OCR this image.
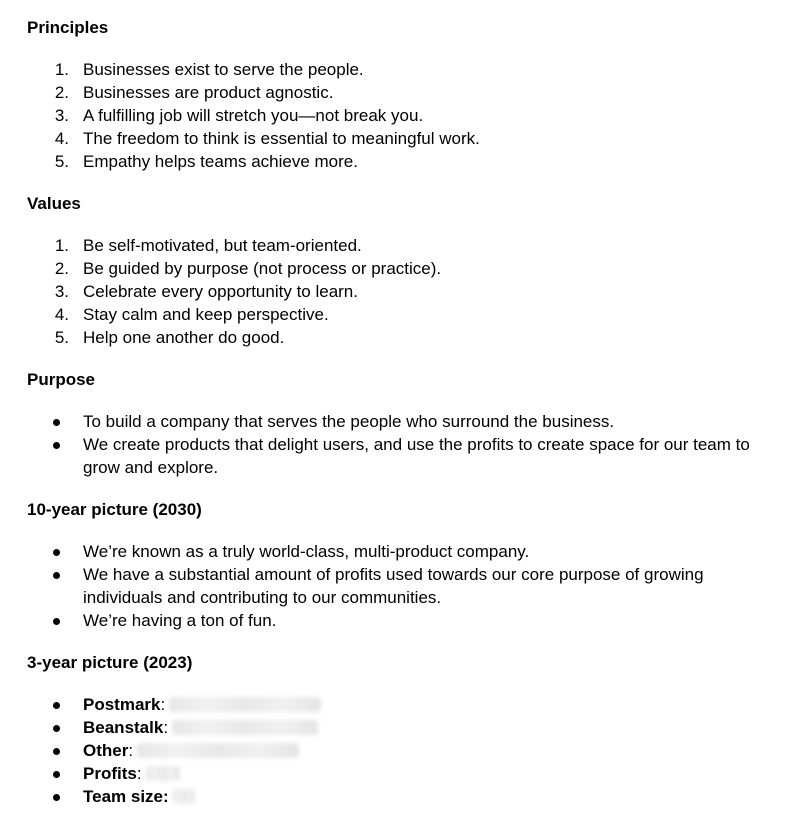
Principles
1. Businesses exist to serve the people.
2. Businesses are product agnostic.
3. A fulfilling job will stretch you—not break you.
4. The freedom to think is essential to meaningful work.
5. Empathy helps teams achieve more.
Values
1. Be self-motivated, but team-oriented.
2. Be guided by purpose (not process or practice).
3. Celebrate every opportunity to learn.
4. Stay calm and keep perspective.
5. Help one another do good.
Purpose
To build a company that serves the people who surround the business.
We create products that delight users, and use the profits to create space for our team to grow and explore.
10-year picture (2030)
We’re known as a truly world-class, multi-product company.
We have a substantial amount of profits used towards our core purpose of growing individuals and contributing to our communities.
We’re having a ton of fun.
3-year picture (2023)
Postmark:
Beanstalk:
Other:
Profits:
Team size:
